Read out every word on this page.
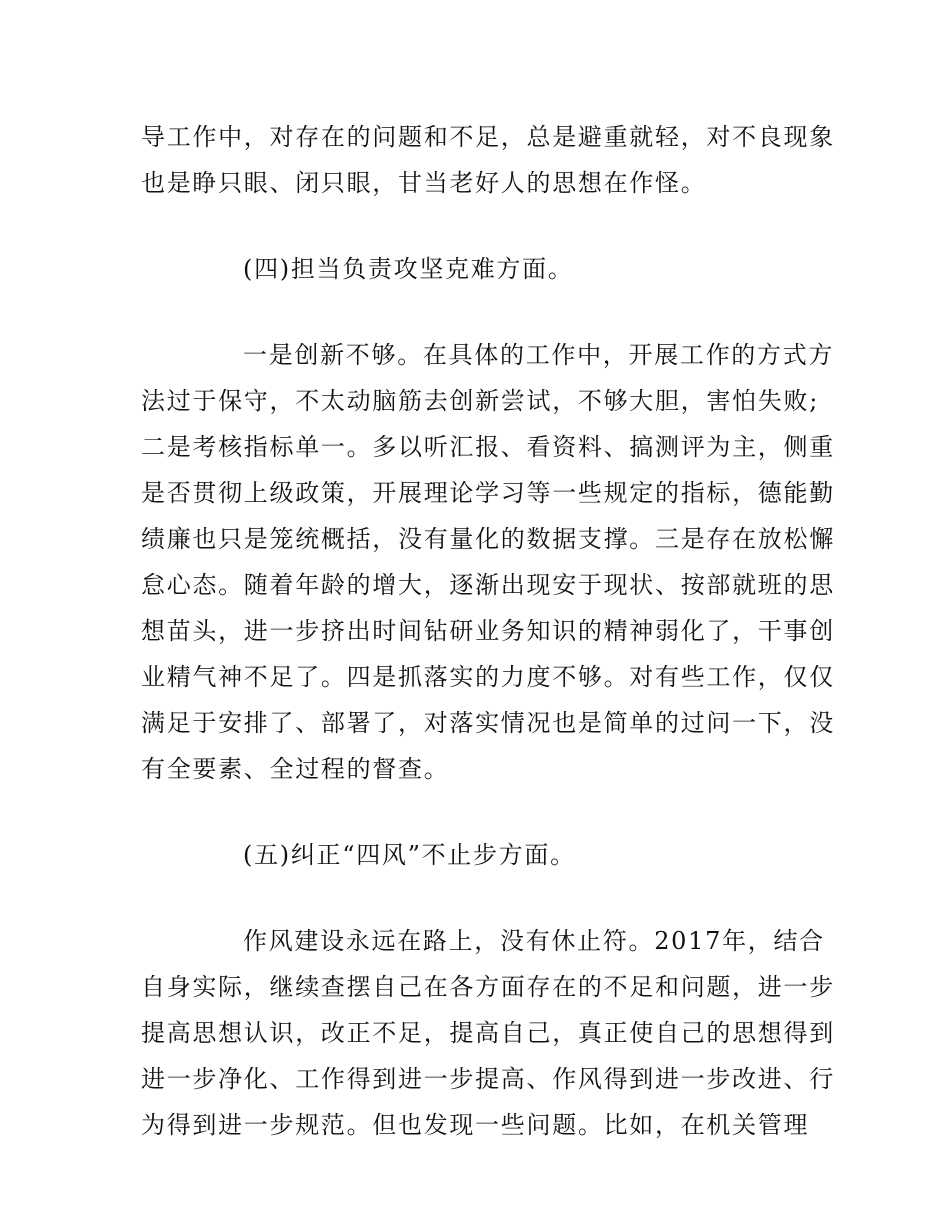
导工作中，对存在的问题和不足，总是避重就轻，对不良现象
也是睁只眼、闭只眼，甘当老好人的思想在作怪。
(四)担当负责攻坚克难方面。
一是创新不够。在具体的工作中，开展工作的方式方
法过于保守，不太动脑筋去创新尝试，不够大胆，害怕失败;
二是考核指标单一。多以听汇报、看资料、搞测评为主，侧重
是否贯彻上级政策，开展理论学习等一些规定的指标，德能勤
绩廉也只是笼统概括，没有量化的数据支撑。三是存在放松懈
怠心态。随着年龄的增大，逐渐出现安于现状、按部就班的思
想苗头，进一步挤出时间钻研业务知识的精神弱化了，干事创
业精气神不足了。四是抓落实的力度不够。对有些工作，仅仅
满足于安排了、部署了，对落实情况也是简单的过问一下，没
有全要素、全过程的督查。
(五)纠正“四风”不止步方面。
作风建设永远在路上，没有休止符。2017年，结合
自身实际，继续查摆自己在各方面存在的不足和问题，进一步
提高思想认识，改正不足，提高自己，真正使自己的思想得到
进一步净化、工作得到进一步提高、作风得到进一步改进、行
为得到进一步规范。但也发现一些问题。比如，在机关管理
